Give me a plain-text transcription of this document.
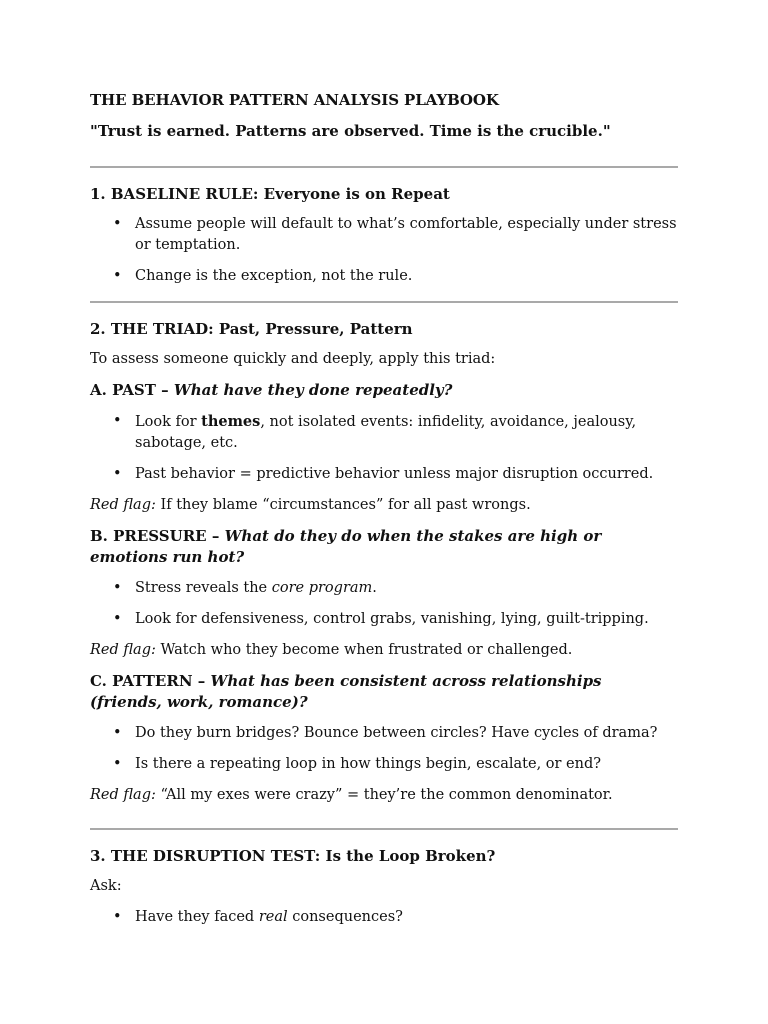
THE BEHAVIOR PATTERN ANALYSIS PLAYBOOK
"Trust is earned. Patterns are observed. Time is the crucible."
1. BASELINE RULE: Everyone is on Repeat
• Assume people will default to what’s comfortable, especially under stress or temptation.
• Change is the exception, not the rule.
2. THE TRIAD: Past, Pressure, Pattern
To assess someone quickly and deeply, apply this triad:
A. PAST – What have they done repeatedly?
• Look for themes, not isolated events: infidelity, avoidance, jealousy, sabotage, etc.
• Past behavior = predictive behavior unless major disruption occurred.
Red flag: If they blame “circumstances” for all past wrongs.
B. PRESSURE – What do they do when the stakes are high or emotions run hot?
• Stress reveals the core program.
• Look for defensiveness, control grabs, vanishing, lying, guilt-tripping.
Red flag: Watch who they become when frustrated or challenged.
C. PATTERN – What has been consistent across relationships (friends, work, romance)?
• Do they burn bridges? Bounce between circles? Have cycles of drama?
• Is there a repeating loop in how things begin, escalate, or end?
Red flag: “All my exes were crazy” = they’re the common denominator.
3. THE DISRUPTION TEST: Is the Loop Broken?
Ask:
• Have they faced real consequences?
